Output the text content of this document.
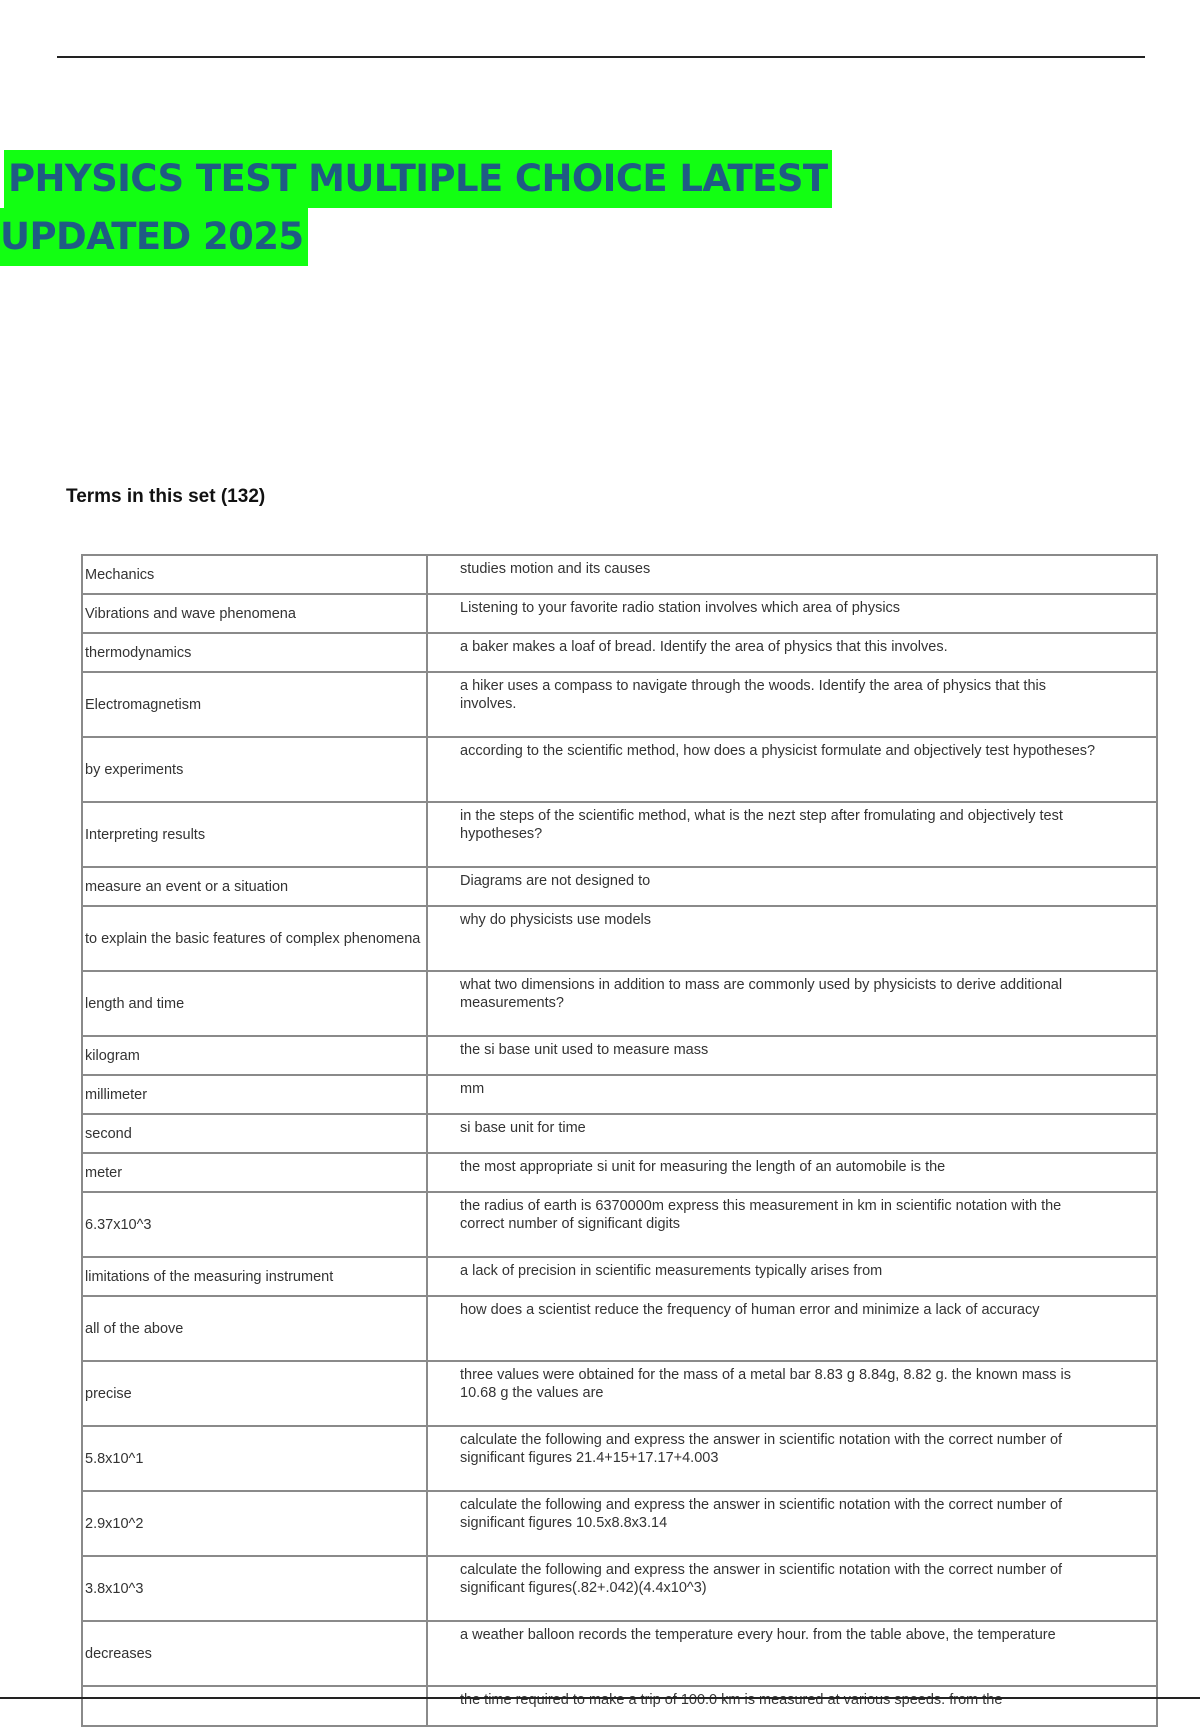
PHYSICS TEST MULTIPLE CHOICE LATEST
UPDATED 2025
Terms in this set (132)
Mechanics	studies motion and its causes
Vibrations and wave phenomena	Listening to your favorite radio station involves which area of physics
thermodynamics	a baker makes a loaf of bread. Identify the area of physics that this involves.
Electromagnetism	a hiker uses a compass to navigate through the woods. Identify the area of physics that this involves.
by experiments	according to the scientific method, how does a physicist formulate and objectively test hypotheses?
Interpreting results	in the steps of the scientific method, what is the nezt step after fromulating and objectively test hypotheses?
measure an event or a situation	Diagrams are not designed to
to explain the basic features of complex phenomena	why do physicists use models
length and time	what two dimensions in addition to mass are commonly used by physicists to derive additional measurements?
kilogram	the si base unit used to measure mass
millimeter	mm
second	si base unit for time
meter	the most appropriate si unit for measuring the length of an automobile is the
6.37x10^3	the radius of earth is 6370000m express this measurement in km in scientific notation with the correct number of significant digits
limitations of the measuring instrument	a lack of precision in scientific measurements typically arises from
all of the above	how does a scientist reduce the frequency of human error and minimize a lack of accuracy
precise	three values were obtained for the mass of a metal bar 8.83 g 8.84g, 8.82 g. the known mass is 10.68 g the values are
5.8x10^1	calculate the following and express the answer in scientific notation with the correct number of significant figures 21.4+15+17.17+4.003
2.9x10^2	calculate the following and express the answer in scientific notation with the correct number of significant figures 10.5x8.8x3.14
3.8x10^3	calculate the following and express the answer in scientific notation with the correct number of significant figures(.82+.042)(4.4x10^3)
decreases	a weather balloon records the temperature every hour. from the table above, the temperature
	the time required to make a trip of 100.0 km is measured at various speeds. from the
